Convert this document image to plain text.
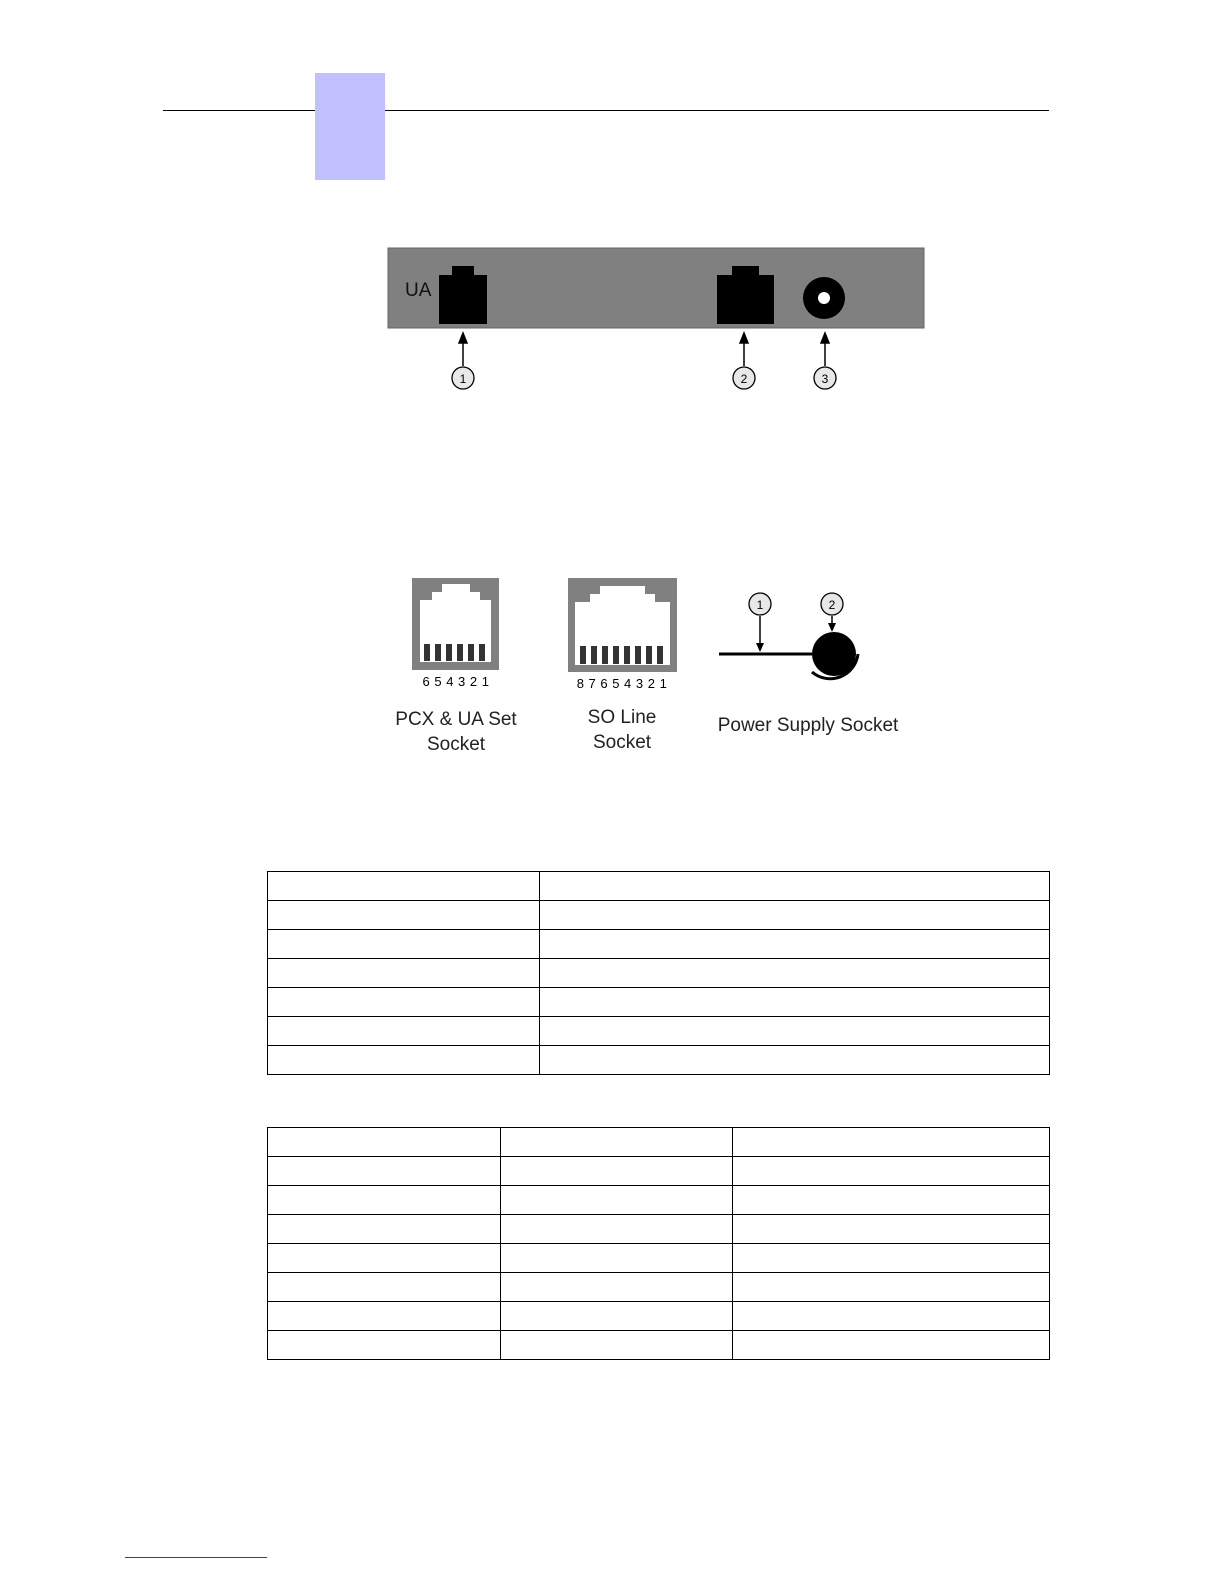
UA
1	2	3
6 5 4 3 2 1
PCX & UA Set
Socket
8 7 6 5 4 3 2 1
SO Line
Socket
1	2
Power Supply Socket
